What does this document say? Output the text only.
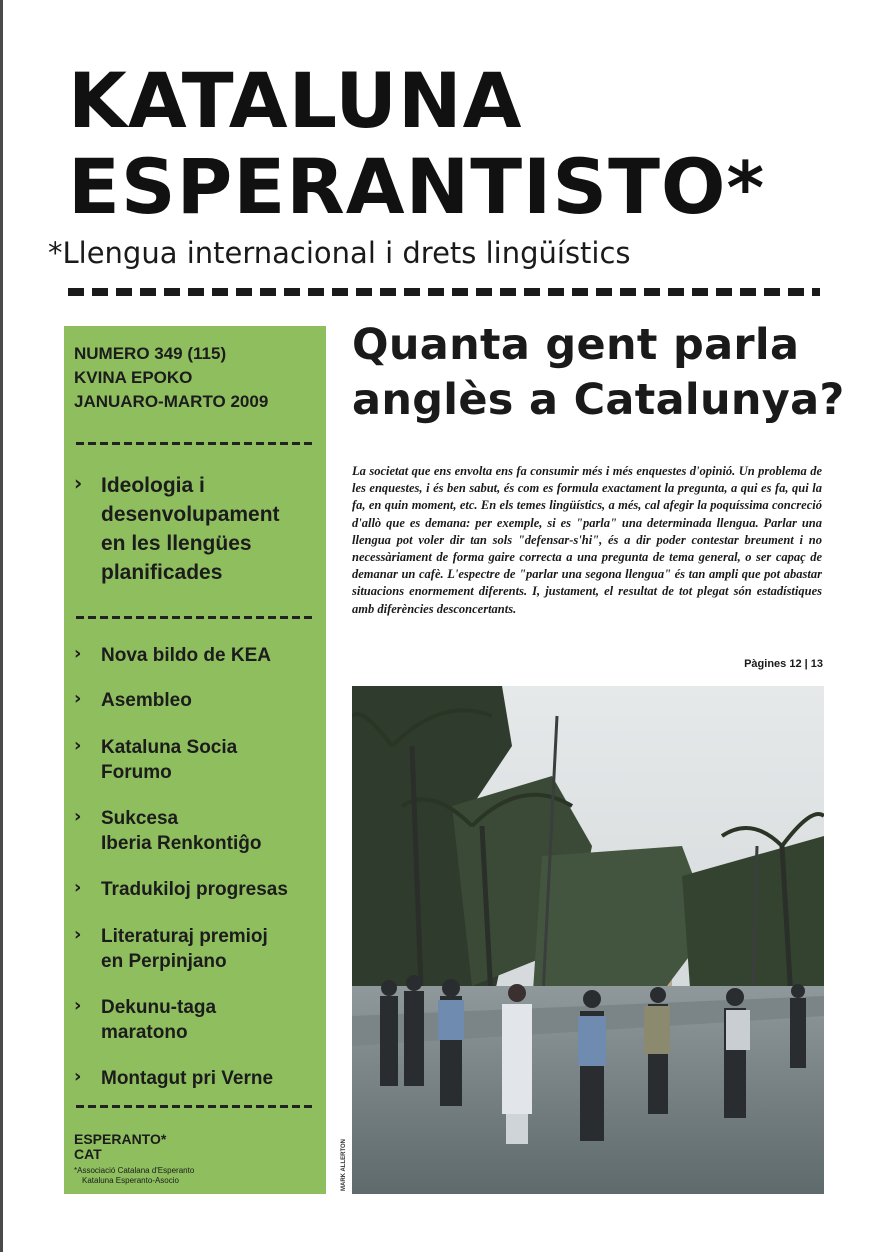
KATALUNA

ESPERANTISTO*

*Llengua internacional i drets lingüístics
NUMERO 349 (115)
KVINA EPOKO
JANUARO-MARTO 2009
› Ideologia i
desenvolupament
en les llengües
planificades
› Nova bildo de KEA
› Asembleo
› Kataluna Socia
Forumo
› Sukcesa
Iberia Renkontiĝo
› Tradukiloj progresas
› Literaturaj premioj
en Perpinjano
› Dekunu-taga
maratono
› Montagut pri Verne
ESPERANTO*
CAT
*Associació Catalana d'Esperanto
Kataluna Esperanto-Asocio
Quanta gent parla
anglès a Catalunya?
La societat que ens envolta ens fa consumir més i més enquestes d'opinió. Un problema de les enquestes, i és ben sabut, és com es formula exactament la pregunta, a qui es fa, qui la fa, en quin moment, etc. En els temes lingüístics, a més, cal afegir la poquíssima concreció d'allò que es demana: per exemple, si es "parla" una determinada llengua. Parlar una llengua pot voler dir tan sols "defensar-s'hi", és a dir poder contestar breument i no necessàriament de forma gaire correcta a una pregunta de tema general, o ser capaç de demanar un cafè. L'espectre de "parlar una segona llengua" és tan ampli que pot abastar situacions enormement diferents. I, justament, el resultat de tot plegat són estadístiques amb diferències desconcertants.
Pàgines 12 | 13
MARK ALLERTON
